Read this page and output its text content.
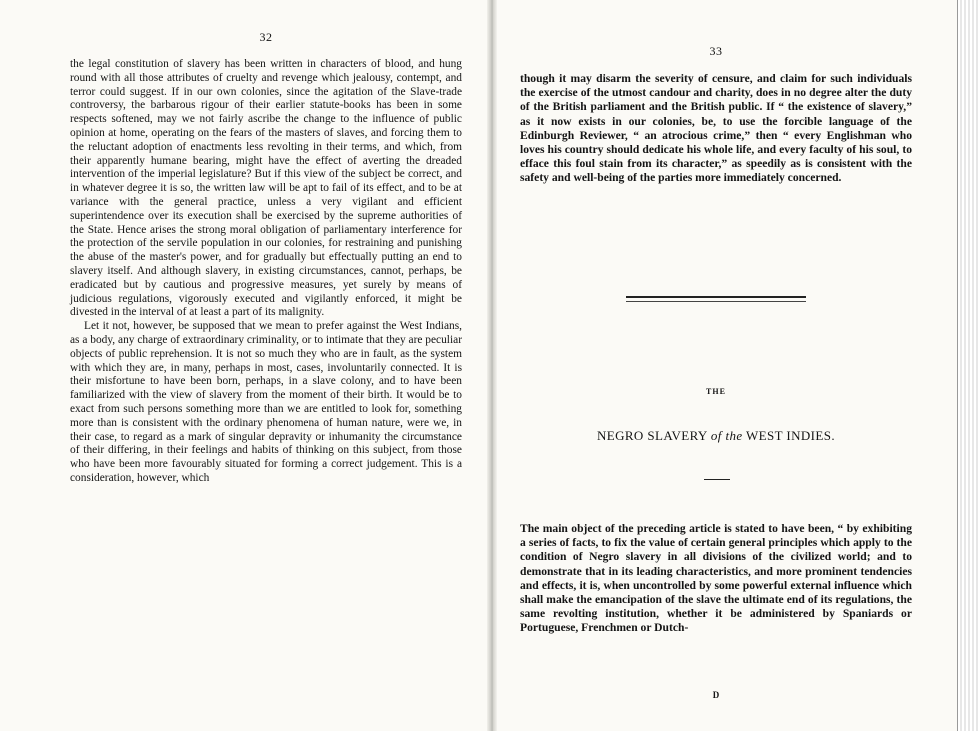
32

the legal constitution of slavery has been written in characters of blood, and hung round with all those attributes of cruelty and revenge which jealousy, contempt, and terror could suggest. If in our own colonies, since the agitation of the Slave-trade controversy, the barbarous rigour of their earlier statute-books has been in some respects softened, may we not fairly ascribe the change to the influence of public opinion at home, operating on the fears of the masters of slaves, and forcing them to the reluctant adoption of enactments less revolting in their terms, and which, from their apparently humane bearing, might have the effect of averting the dreaded intervention of the imperial legislature? But if this view of the subject be correct, and in whatever degree it is so, the written law will be apt to fail of its effect, and to be at variance with the general practice, unless a very vigilant and efficient superintendence over its execution shall be exercised by the supreme authorities of the State. Hence arises the strong moral obligation of parliamentary interference for the protection of the servile population in our colonies, for restraining and punishing the abuse of the master's power, and for gradually but effectually putting an end to slavery itself. And although slavery, in existing circumstances, cannot, perhaps, be eradicated but by cautious and progressive measures, yet surely by means of judicious regulations, vigorously executed and vigilantly enforced, it might be divested in the interval of at least a part of its malignity.

Let it not, however, be supposed that we mean to prefer against the West Indians, as a body, any charge of extraordinary criminality, or to intimate that they are peculiar objects of public reprehension. It is not so much they who are in fault, as the system with which they are, in many, perhaps in most, cases, involuntarily connected. It is their misfortune to have been born, perhaps, in a slave colony, and to have been familiarized with the view of slavery from the moment of their birth. It would be to exact from such persons something more than we are entitled to look for, something more than is consistent with the ordinary phenomena of human nature, were we, in their case, to regard as a mark of singular depravity or inhumanity the circumstance of their differing, in their feelings and habits of thinking on this subject, from those who have been more favourably situated for forming a correct judgement. This is a consideration, however, which

33
though it may disarm the severity of censure, and claim for such individuals the exercise of the utmost candour and charity, does in no degree alter the duty of the British parliament and the British public. If “ the existence of slavery,” as it now exists in our colonies, be, to use the forcible language of the Edinburgh Reviewer, “ an atrocious crime,” then “ every Englishman who loves his country should dedicate his whole life, and every faculty of his soul, to efface this foul stain from its character,” as speedily as is consistent with the safety and well-being of the parties more immediately concerned.
THE
NEGRO SLAVERY of the WEST INDIES.
The main object of the preceding article is stated to have been, “ by exhibiting a series of facts, to fix the value of certain general principles which apply to the condition of Negro slavery in all divisions of the civilized world; and to demonstrate that in its leading characteristics, and more prominent tendencies and effects, it is, when uncontrolled by some powerful external influence which shall make the emancipation of the slave the ultimate end of its regulations, the same revolting institution, whether it be administered by Spaniards or Portuguese, Frenchmen or Dutch-
D
